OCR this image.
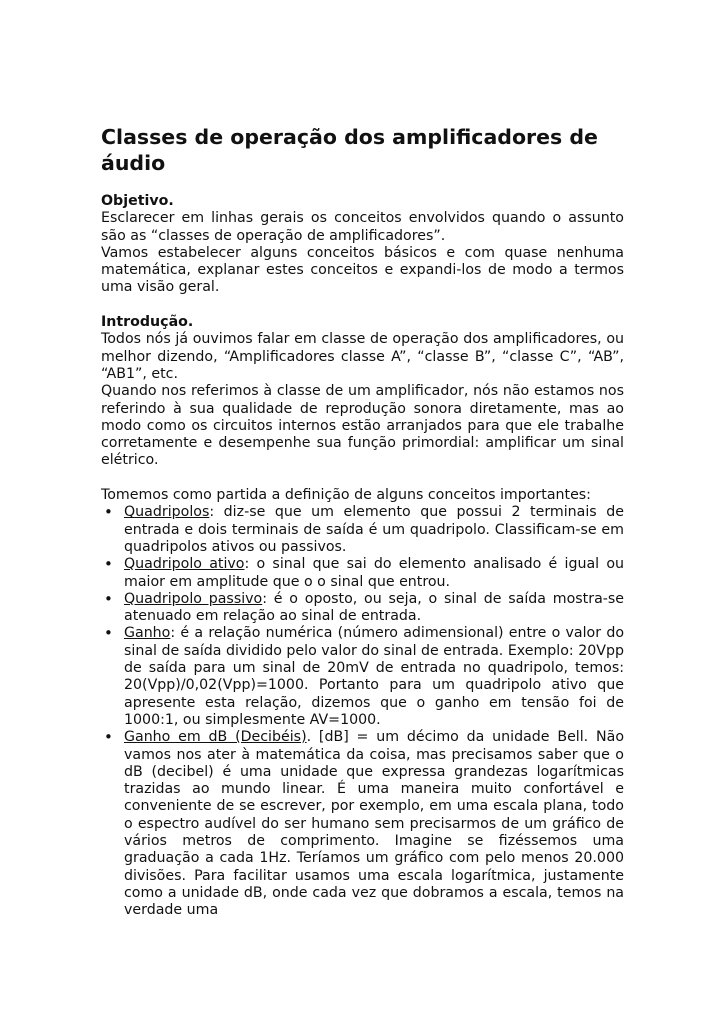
Classes de operação dos amplificadores de áudio
Objetivo.

Esclarecer em linhas gerais os conceitos envolvidos quando o assunto são as “classes de operação de amplificadores”.

Vamos estabelecer alguns conceitos básicos e com quase nenhuma matemática, explanar estes conceitos e expandi-los de modo a termos uma visão geral.

Introdução.

Todos nós já ouvimos falar em classe de operação dos amplificadores, ou melhor dizendo, “Amplificadores classe A”, “classe B”, “classe C”, “AB”, “AB1”, etc.

Quando nos referimos à classe de um amplificador, nós não estamos nos referindo à sua qualidade de reprodução sonora diretamente, mas ao modo como os circuitos internos estão arranjados para que ele trabalhe corretamente e desempenhe sua função primordial: amplificar um sinal elétrico.

Tomemos como partida a definição de alguns conceitos importantes:

• Quadripolos: diz-se que um elemento que possui 2 terminais de entrada e dois terminais de saída é um quadripolo. Classificam-se em quadripolos ativos ou passivos.
• Quadripolo ativo: o sinal que sai do elemento analisado é igual ou maior em amplitude que o o sinal que entrou.
• Quadripolo passivo: é o oposto, ou seja, o sinal de saída mostra-se atenuado em relação ao sinal de entrada.
• Ganho: é a relação numérica (número adimensional) entre o valor do sinal de saída dividido pelo valor do sinal de entrada. Exemplo: 20Vpp de saída para um sinal de 20mV de entrada no quadripolo, temos: 20(Vpp)/0,02(Vpp)=1000. Portanto para um quadripolo ativo que apresente esta relação, dizemos que o ganho em tensão foi de 1000:1, ou simplesmente AV=1000.
• Ganho em dB (Decibéis). [dB] = um décimo da unidade Bell. Não vamos nos ater à matemática da coisa, mas precisamos saber que o dB (decibel) é uma unidade que expressa grandezas logarítmicas trazidas ao mundo linear. É uma maneira muito confortável e conveniente de se escrever, por exemplo, em uma escala plana, todo o espectro audível do ser humano sem precisarmos de um gráfico de vários metros de comprimento. Imagine se fizéssemos uma graduação a cada 1Hz. Teríamos um gráfico com pelo menos 20.000 divisões. Para facilitar usamos uma escala logarítmica, justamente como a unidade dB, onde cada vez que dobramos a escala, temos na verdade uma
